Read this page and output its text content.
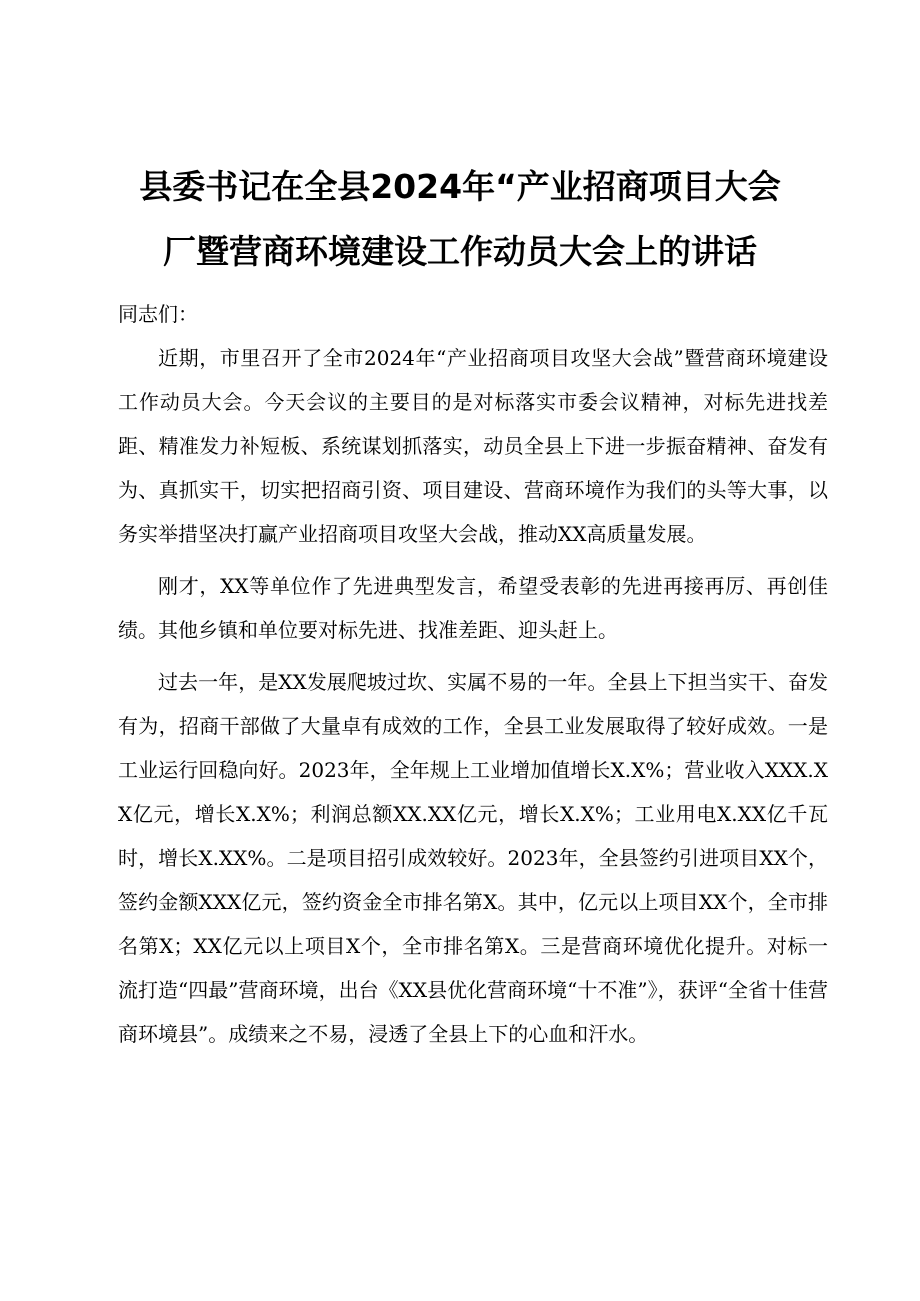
县委书记在全县2024年“产业招商项目大会
厂暨营商环境建设工作动员大会上的讲话

同志们：

近期，市里召开了全市2024年“产业招商项目攻坚大会战”暨营商环境建设工作动员大会。今天会议的主要目的是对标落实市委会议精神，对标先进找差距、精准发力补短板、系统谋划抓落实，动员全县上下进一步振奋精神、奋发有为、真抓实干，切实把招商引资、项目建设、营商环境作为我们的头等大事，以务实举措坚决打赢产业招商项目攻坚大会战，推动XX高质量发展。

刚才，XX等单位作了先进典型发言，希望受表彰的先进再接再厉、再创佳绩。其他乡镇和单位要对标先进、找准差距、迎头赶上。

过去一年，是XX发展爬坡过坎、实属不易的一年。全县上下担当实干、奋发有为，招商干部做了大量卓有成效的工作，全县工业发展取得了较好成效。一是工业运行回稳向好。2023年，全年规上工业增加值增长X.X%；营业收入XXX.XX亿元，增长X.X%；利润总额XX.XX亿元，增长X.X%；工业用电X.XX亿千瓦时，增长X.XX%。二是项目招引成效较好。2023年，全县签约引进项目XX个，签约金额XXX亿元，签约资金全市排名第X。其中，亿元以上项目XX个，全市排名第X；XX亿元以上项目X个，全市排名第X。三是营商环境优化提升。对标一流打造“四最”营商环境，出台《XX县优化营商环境“十不准”》，获评“全省十佳营商环境县”。成绩来之不易，浸透了全县上下的心血和汗水。
